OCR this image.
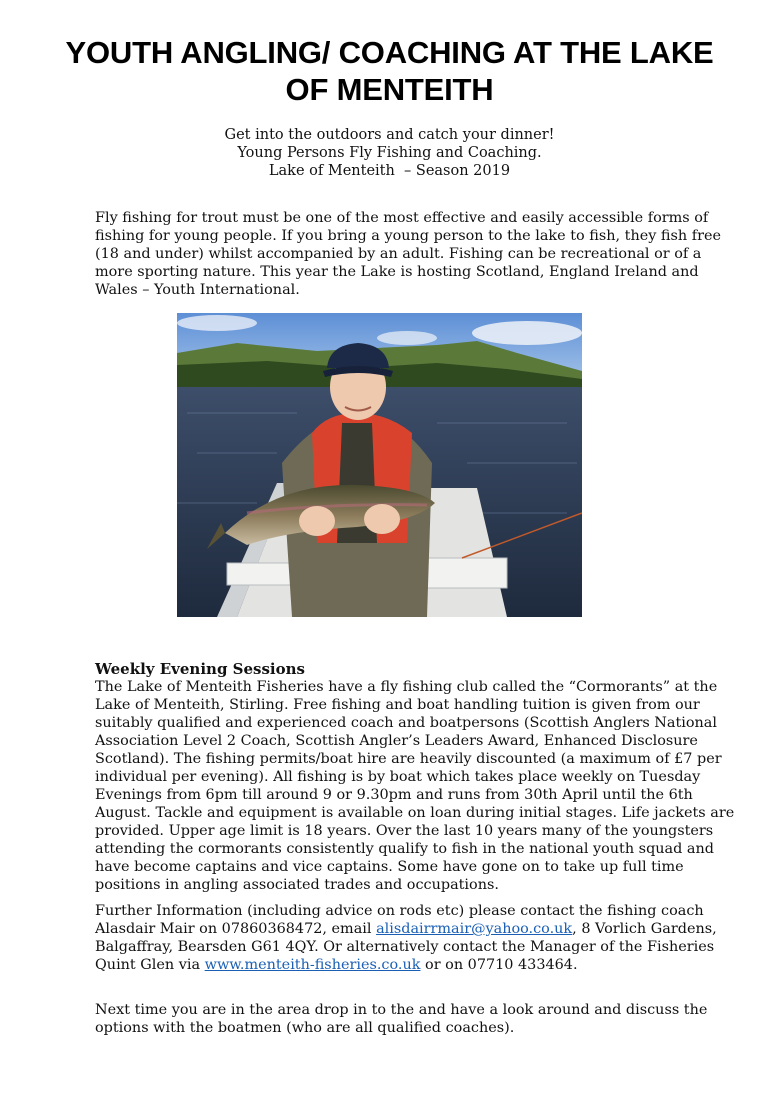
YOUTH ANGLING/ COACHING AT THE LAKE OF MENTEITH
Get into the outdoors and catch your dinner!
Young Persons Fly Fishing and Coaching.
Lake of Menteith  – Season 2019

Fly fishing for trout must be one of the most effective and easily accessible forms of fishing for young people. If you bring a young person to the lake to fish, they fish free (18 and under) whilst accompanied by an adult. Fishing can be recreational or of a more sporting nature. This year the Lake is hosting Scotland, England Ireland and Wales – Youth International.

Weekly Evening Sessions

The Lake of Menteith Fisheries have a fly fishing club called the “Cormorants” at the Lake of Menteith, Stirling. Free fishing and boat handling tuition is given from our suitably qualified and experienced coach and boatpersons (Scottish Anglers National Association Level 2 Coach, Scottish Angler’s Leaders Award, Enhanced Disclosure Scotland). The fishing permits/boat hire are heavily discounted (a maximum of £7 per individual per evening). All fishing is by boat which takes place weekly on Tuesday Evenings from 6pm till around 9 or 9.30pm and runs from 30th April until the 6th August. Tackle and equipment is available on loan during initial stages. Life jackets are provided. Upper age limit is 18 years. Over the last 10 years many of the youngsters attending the cormorants consistently qualify to fish in the national youth squad and have become captains and vice captains. Some have gone on to take up full time positions in angling associated trades and occupations.

Further Information (including advice on rods etc) please contact the fishing coach Alasdair Mair on 07860368472, email alisdairrmair@yahoo.co.uk, 8 Vorlich Gardens, Balgaffray, Bearsden G61 4QY. Or alternatively contact the Manager of the Fisheries Quint Glen via www.menteith-fisheries.co.uk or on 07710 433464.

Next time you are in the area drop in to the and have a look around and discuss the options with the boatmen (who are all qualified coaches).
